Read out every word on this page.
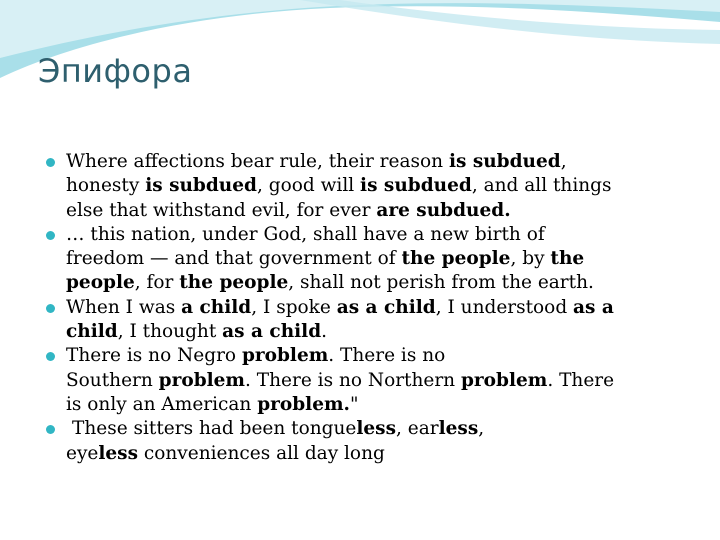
Эпифора
Where affections bear rule, their reason is subdued,
honesty is subdued, good will is subdued, and all things
else that withstand evil, for ever are subdued.
… this nation, under God, shall have a new birth of
freedom — and that government of the people, by the
people, for the people, shall not perish from the earth.
When I was a child, I spoke as a child, I understood as a
child, I thought as a child.
There is no Negro problem. There is no
Southern problem. There is no Northern problem. There
is only an American problem."
These sitters had been tongueless, earless,
eyeless conveniences all day long
